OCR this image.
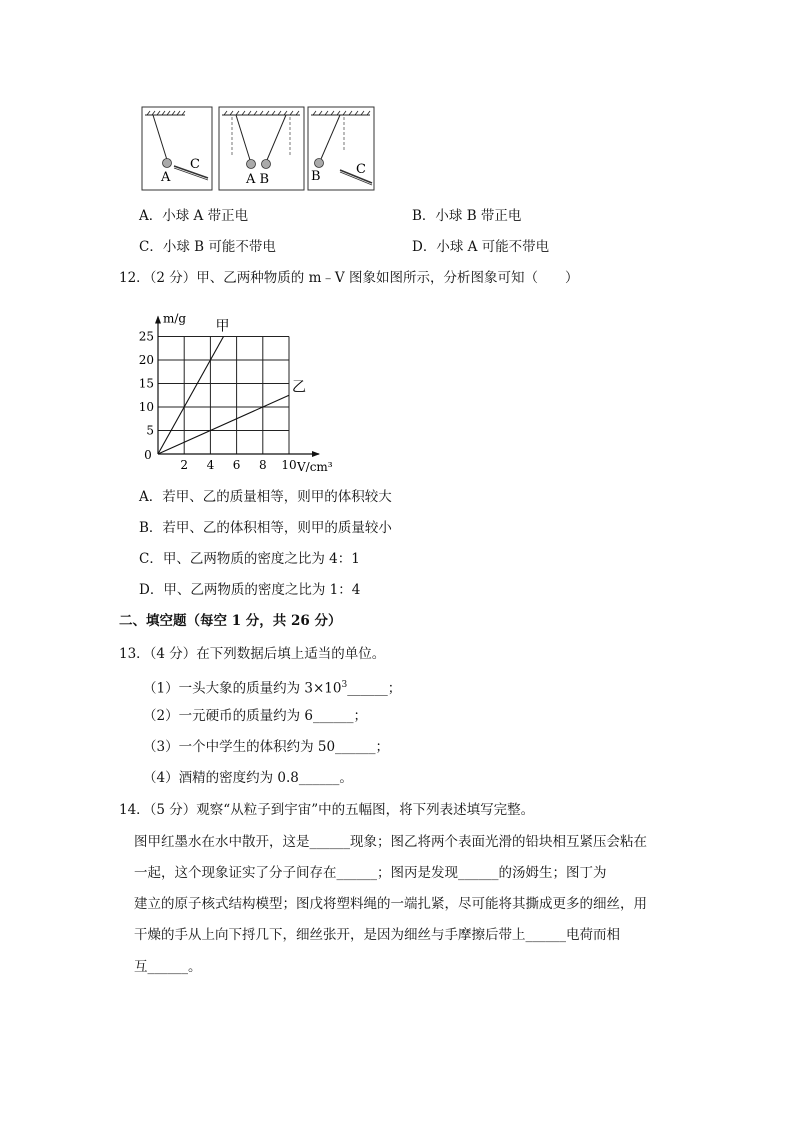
A
C
A B	B	C
A．小球 A 带正电	B．小球 B 带正电
C．小球 B 可能不带电	D．小球 A 可能不带电
12．（2 分）甲、乙两种物质的 m﹣V 图象如图所示，分析图象可知（　　）
2 4 6 8 10
5
10
15
20
25
0
m/g
V/cm³
甲
乙
A．若甲、乙的质量相等，则甲的体积较大
B．若甲、乙的体积相等，则甲的质量较小
C．甲、乙两物质的密度之比为 4：1
D．甲、乙两物质的密度之比为 1：4
二、填空题（每空 1 分，共 26 分）
13．（4 分）在下列数据后填上适当的单位。
（1）一头大象的质量约为 $3\times 10^3\_\_\_\_\_\_$；
（2）一元硬币的质量约为 6______；
（3）一个中学生的体积约为 50______；
（4）酒精的密度约为 0.8______。
14．（5 分）观察“从粒子到宇宙”中的五幅图，将下列表述填写完整。
图甲红墨水在水中散开，这是______现象；图乙将两个表面光滑的铅块相互紧压会粘在
一起，这个现象证实了分子间存在______；图丙是发现______的汤姆生；图丁为
建立的原子核式结构模型；图戊将塑料绳的一端扎紧，尽可能将其撕成更多的细丝，用
干燥的手从上向下捋几下，细丝张开，是因为细丝与手摩擦后带上______电荷而相
互______。
